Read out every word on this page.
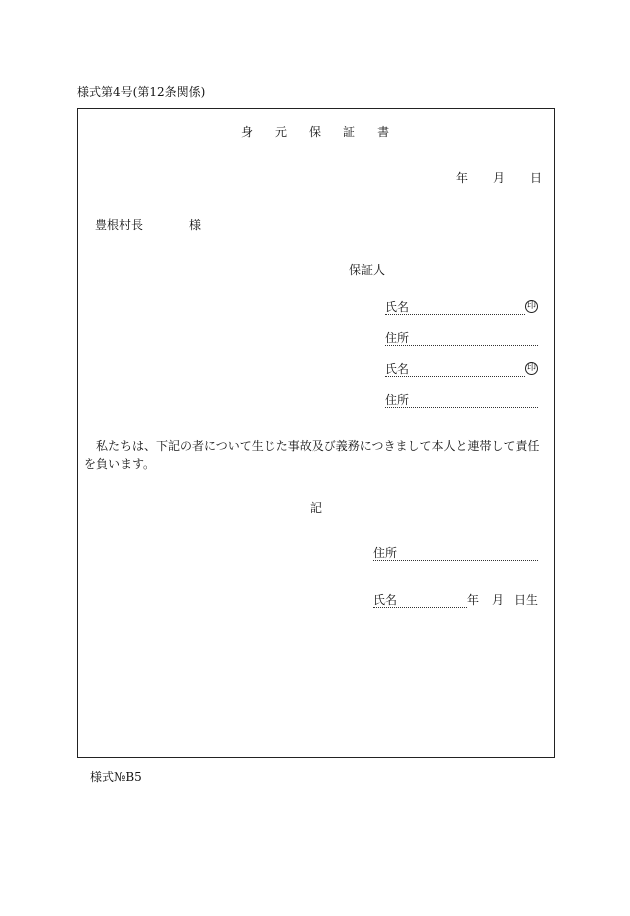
様式第4号(第12条関係)
身 元 保 証 書
年 月 日
豊根村長	様
保証人
氏名	印
住所
氏名	印
住所
私たちは、下記の者について生じた事故及び義務につきまして本人と連帯して責任を負います。
記
住所
氏名	年 月 日生
様式№B5
